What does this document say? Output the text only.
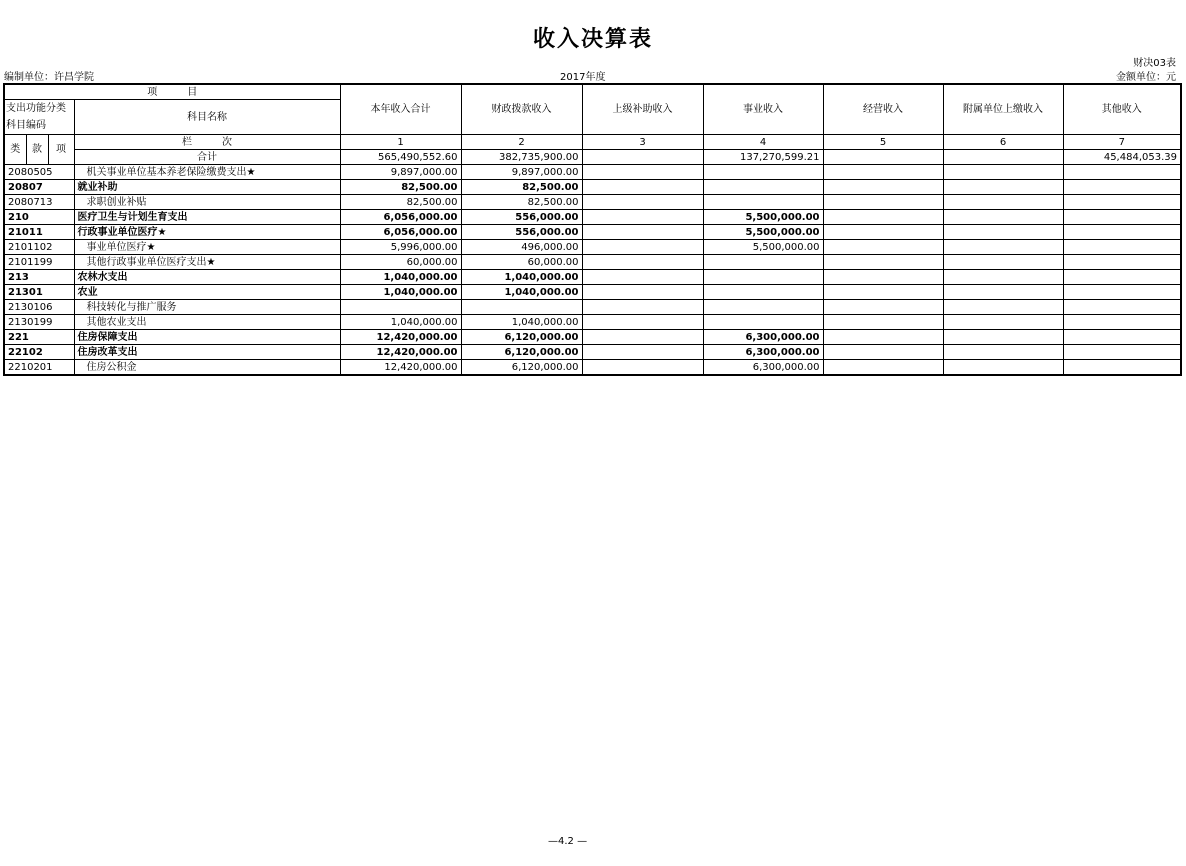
收入决算表
财决03表
编制单位：许昌学院	2017年度	金额单位：元
项　　　目				本年收入合计	财政拨款收入	上级补助收入	事业收入	经营收入	附属单位上缴收入	其他收入
支出功能分类科目编码			科目名称							

类	款	项	栏　　　次	1	2	3	4	5	6	7
			合计	565,490,552.60	382,735,900.00		137,270,599.21			45,484,053.39
2080505			机关事业单位基本养老保险缴费支出★	9,897,000.00	9,897,000.00					
20807			就业补助	82,500.00	82,500.00					
2080713			求职创业补贴	82,500.00	82,500.00					
210			医疗卫生与计划生育支出	6,056,000.00	556,000.00		5,500,000.00			
21011			行政事业单位医疗★	6,056,000.00	556,000.00		5,500,000.00			
2101102			事业单位医疗★	5,996,000.00	496,000.00		5,500,000.00			
2101199			其他行政事业单位医疗支出★	60,000.00	60,000.00					
213			农林水支出	1,040,000.00	1,040,000.00					
21301			农业	1,040,000.00	1,040,000.00					
2130106			科技转化与推广服务							
2130199			其他农业支出	1,040,000.00	1,040,000.00					
221			住房保障支出	12,420,000.00	6,120,000.00		6,300,000.00			
22102			住房改革支出	12,420,000.00	6,120,000.00		6,300,000.00			
2210201			住房公积金	12,420,000.00	6,120,000.00		6,300,000.00			
—4.2 —
